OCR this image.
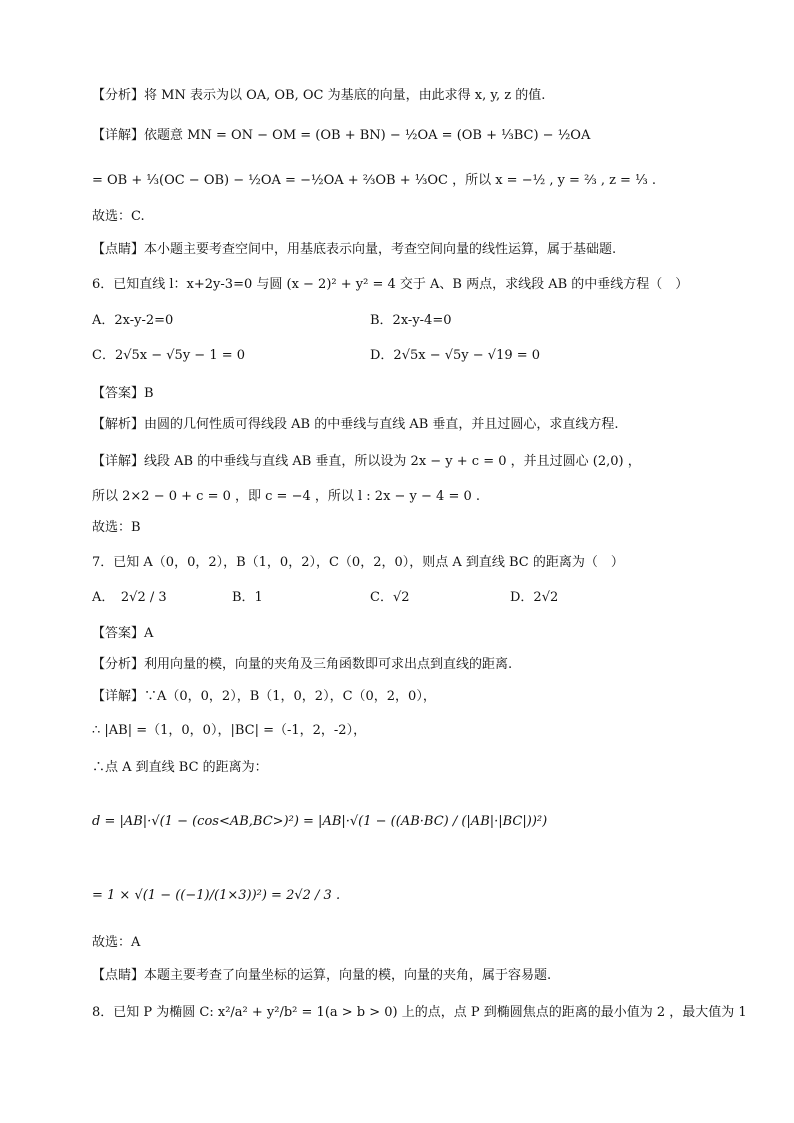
【分析】将 MN 表示为以 OA, OB, OC 为基底的向量，由此求得 x, y, z 的值.
【详解】依题意 MN = ON − OM = (OB + BN) − ½OA = (OB + ⅓BC) − ½OA
= OB + ⅓(OC − OB) − ½OA = −½OA + ⅔OB + ⅓OC ，所以 x = −½ , y = ⅔ , z = ⅓ .
故选：C.
【点睛】本小题主要考查空间中，用基底表示向量，考查空间向量的线性运算，属于基础题.
6．已知直线 l：x+2y-3=0 与圆 (x − 2)² + y² = 4 交于 A、B 两点，求线段 AB 的中垂线方程（　）
A．2x-y-2=0	B．2x-y-4=0
C．2√5x − √5y − 1 = 0	D．2√5x − √5y − √19 = 0
【答案】B
【解析】由圆的几何性质可得线段 AB 的中垂线与直线 AB 垂直，并且过圆心，求直线方程.
【详解】线段 AB 的中垂线与直线 AB 垂直，所以设为 2x − y + c = 0 ，并且过圆心 (2,0) ，
所以 2×2 − 0 + c = 0 ，即 c = −4 ，所以 l : 2x − y − 4 = 0 .
故选：B
7．已知 A（0，0，2），B（1，0，2），C（0，2，0），则点 A 到直线 BC 的距离为（　）
A．　2√2 / 3	B．1	C．√2	D．2√2
【答案】A
【分析】利用向量的模，向量的夹角及三角函数即可求出点到直线的距离.
【详解】∵A（0，0，2），B（1，0，2），C（0，2，0），
∴ |AB| =（1，0，0），|BC| =（-1，2，-2），
∴点 A 到直线 BC 的距离为：
d = |AB|·√(1 − (cos<AB,BC>)²) = |AB|·√(1 − ((AB·BC) / (|AB|·|BC|))²)
= 1 × √(1 − ((−1)/(1×3))²) = 2√2 / 3 .
故选：A
【点睛】本题主要考查了向量坐标的运算，向量的模，向量的夹角，属于容易题.
8．已知 P 为椭圆 C: x²/a² + y²/b² = 1(a > b > 0) 上的点，点 P 到椭圆焦点的距离的最小值为 2 ，最大值为 1
